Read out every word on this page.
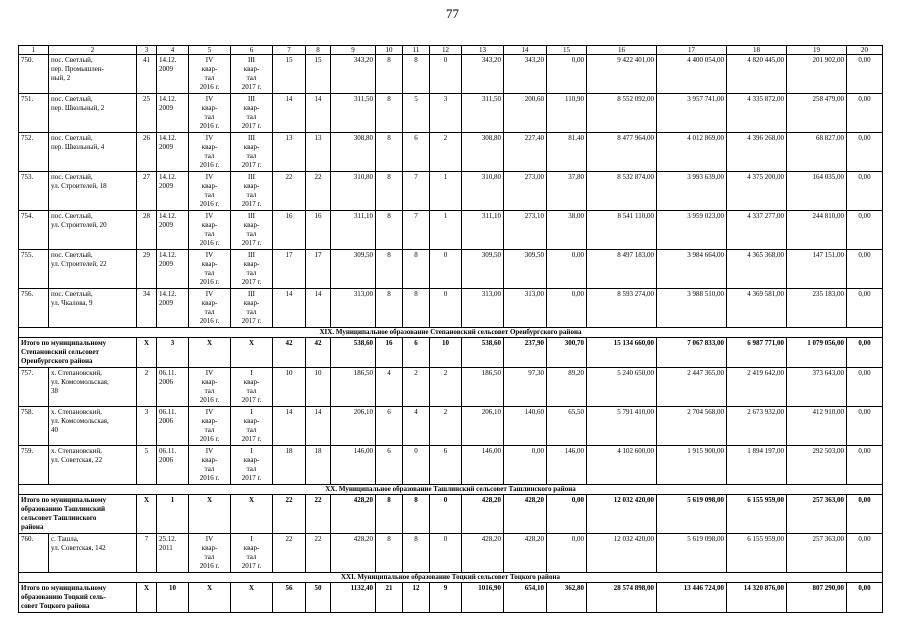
77
1	2	3	4	5	6	7	8	9	10	11	12	13	14	15	16	17	18	19	20
750.	пос. Светлый,
пер. Промышлен-
ный, 2	41	14.12.
2009	IV
квар-
тал
2016 г.	III
квар-
тал
2017 г.	15	15	343,20	8	8	0	343,20	343,20	0,00	9 422 401,00	4 400 054,00	4 820 445,00	201 902,00	0,00
751.	пос. Светлый,
пер. Школьный, 2	25	14.12.
2009	IV
квар-
тал
2016 г.	III
квар-
тал
2017 г.	14	14	311,50	8	5	3	311,50	200,60	110,90	8 552 092,00	3 957 741,00	4 335 872,00	258 479,00	0,00
752.	пос. Светлый,
пер. Школьный, 4	26	14.12.
2009	IV
квар-
тал
2016 г.	III
квар-
тал
2017 г.	13	13	308,80	8	6	2	308,80	227,40	81,40	8 477 964,00	4 012 869,00	4 396 268,00	68 827,00	0,00
753.	пос. Светлый,
ул. Строителей, 18	27	14.12.
2009	IV
квар-
тал
2016 г.	III
квар-
тал
2017 г.	22	22	310,80	8	7	1	310,80	273,00	37,80	8 532 874,00	3 993 639,00	4 375 200,00	164 035,00	0,00
754.	пос. Светлый,
ул. Строителей, 20	28	14.12.
2009	IV
квар-
тал
2016 г.	III
квар-
тал
2017 г.	16	16	311,10	8	7	1	311,10	273,10	38,00	8 541 110,00	3 959 023,00	4 337 277,00	244 810,00	0,00
755.	пос. Светлый,
ул. Строителей, 22	29	14.12.
2009	IV
квар-
тал
2016 г.	III
квар-
тал
2017 г.	17	17	309,50	8	8	0	309,50	309,50	0,00	8 497 183,00	3 984 664,00	4 365 368,00	147 151,00	0,00
756.	пос. Светлый,
ул. Чкалова, 9	34	14.12.
2009	IV
квар-
тал
2016 г.	III
квар-
тал
2017 г.	14	14	313,00	8	8	0	313,00	313,00	0,00	8 593 274,00	3 988 510,00	4 369 581,00	235 183,00	0,00
XIX. Муниципальное образование Степановский сельсовет Оренбургского района																			
Итого по муниципальному
Степановский сельсовет
Оренбургского района		X	3	X	X	42	42	538,60	16	6	10	538,60	237,90	300,70	15 134 660,00	7 067 833,00	6 987 771,00	1 079 056,00	0,00
757.	х. Степановский,
ул. Комсомольская,
38	2	06.11.
2006	IV
квар-
тал
2016 г.	I
квар-
тал
2017 г.	10	10	186,50	4	2	2	186,50	97,30	89,20	5 240 650,00	2 447 365,00	2 419 642,00	373 643,00	0,00
758.	х. Степановский,
ул. Комсомольская,
40	3	06.11.
2006	IV
квар-
тал
2016 г.	I
квар-
тал
2017 г.	14	14	206,10	6	4	2	206,10	140,60	65,50	5 791 410,00	2 704 568,00	2 673 932,00	412 910,00	0,00
759.	х. Степановский,
ул. Советская, 22	5	06.11.
2006	IV
квар-
тал
2016 г.	I
квар-
тал
2017 г.	18	18	146,00	6	0	6	146,00	0,00	146,00	4 102 600,00	1 915 900,00	1 894 197,00	292 503,00	0,00
XX. Муниципальное образование Ташлинский сельсовет Ташлинского района																			
Итого по муниципальному
образованию Ташлинский
сельсовет Ташлинского
района		X	1	X	X	22	22	428,20	8	8	0	428,20	428,20	0,00	12 032 420,00	5 619 098,00	6 155 959,00	257 363,00	0,00
760.	с. Ташла,
ул. Советская, 142	7	25.12.
2011	IV
квар-
тал
2016 г.	I
квар-
тал
2017 г.	22	22	428,20	8	8	0	428,20	428,20	0,00	12 032 420,00	5 619 098,00	6 155 959,00	257 363,00	0,00
XXI. Муниципальное образование Тоцкий сельсовет Тоцкого района																			
Итого по муниципальному
образованию Тоцкий сель-
совет Тоцкого района		X	10	X	X	56	50	1132,40	21	12	9	1016,90	654,10	362,80	28 574 898,00	13 446 724,00	14 320 876,00	807 290,00	0,00
